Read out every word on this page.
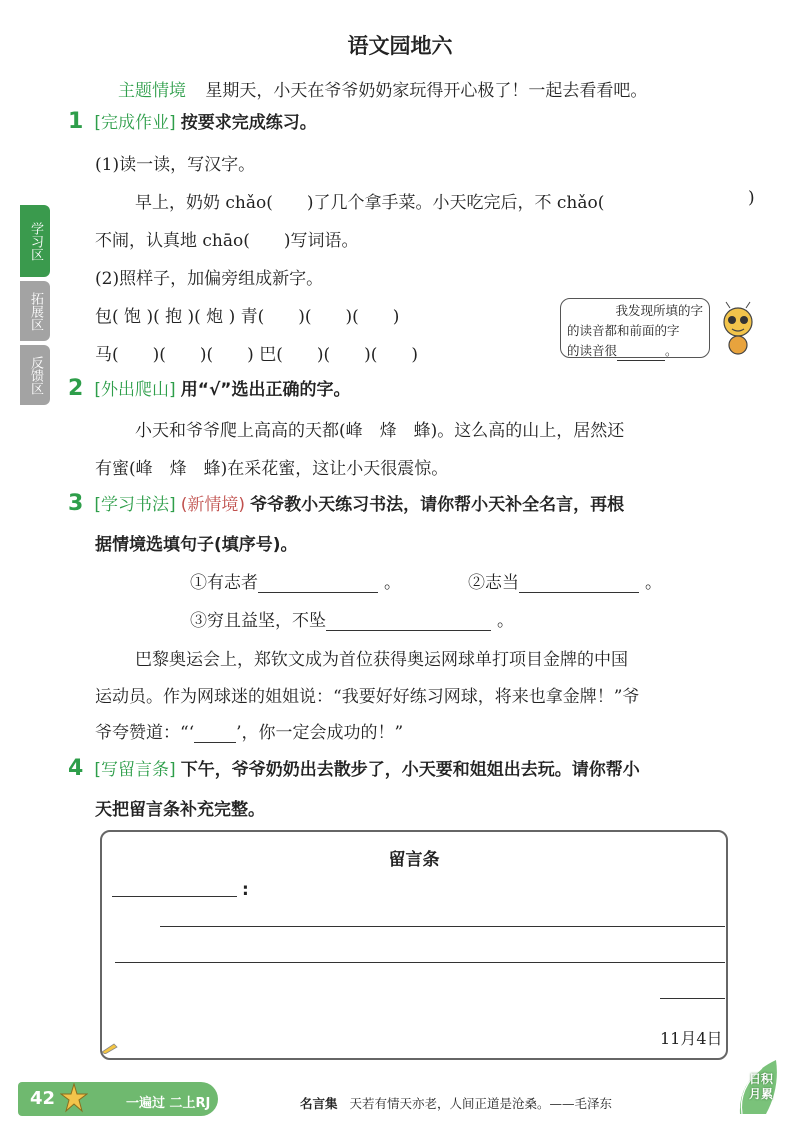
语文园地六
主题情境 星期天，小天在爷爷奶奶家玩得开心极了！一起去看看吧。
学习区
拓展区
反馈区
1 [完成作业] 按要求完成练习。
(1)读一读，写汉字。
早上，奶奶 chǎo(　　)了几个拿手菜。小天吃完后，不 chǎo(	)
不闹，认真地 chāo(　　)写词语。
(2)照样子，加偏旁组成新字。
包( 饱 )( 抱 )( 炮 ) 青(　　)(　　)(　　)
马(　　)(　　)(　　) 巴(　　)(　　)(　　)
我发现所填的字
的读音都和前面的字
的读音很	。
2 [外出爬山] 用“√”选出正确的字。
小天和爷爷爬上高高的天都(峰　烽　蜂)。这么高的山上，居然还
有蜜(峰　烽　蜂)在采花蜜，这让小天很震惊。
3 [学习书法] (新情境) 爷爷教小天练习书法，请你帮小天补全名言，再根
据情境选填句子(填序号)。
①有志者	。	②志当	。
③穷且益坚，不坠	。
巴黎奥运会上，郑钦文成为首位获得奥运网球单打项目金牌的中国
运动员。作为网球迷的姐姐说：“我要好好练习网球，将来也拿金牌！”爷
爷夸赞道：“‘ ’，你一定会成功的！”
4 [写留言条] 下午，爷爷奶奶出去散步了，小天要和姐姐出去玩。请你帮小
天把留言条补充完整。
留言条
:
11月4日
42	一遍过 二上RJ	名言集 天若有情天亦老，人间正道是沧桑。——毛泽东
日积月累
